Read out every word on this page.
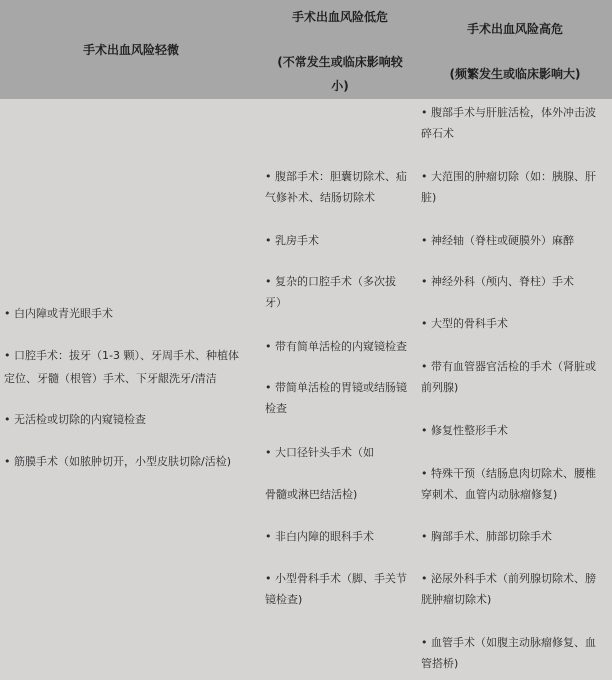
手术出血风险轻微
手术出血风险低危
(不常发生或临床影响较
小)
手术出血风险高危
(频繁发生或临床影响大)
• 白内障或青光眼手术
• 口腔手术：拔牙（1-3 颗）、牙周手术、种植体
定位、牙髓（根管）手术、下牙龈洗牙/清洁
• 无活检或切除的内窥镜检查
• 筋膜手术（如脓肿切开，小型皮肤切除/活检)
• 腹部手术：胆囊切除术、疝
气修补术、结肠切除术
• 乳房手术
• 复杂的口腔手术（多次拔
牙）
• 带有简单活检的内窥镜检查
• 带简单活检的胃镜或结肠镜
检查
• 大口径针头手术（如
骨髓或淋巴结活检)
• 非白内障的眼科手术
• 小型骨科手术（脚、手关节
镜检查)
• 腹部手术与肝脏活检，体外冲击波
碎石术
• 大范围的肿瘤切除（如：胰腺、肝
脏)
• 神经轴（脊柱或硬膜外）麻醉
• 神经外科（颅内、脊柱）手术
• 大型的骨科手术
• 带有血管器官活检的手术（肾脏或
前列腺)
• 修复性整形手术
• 特殊干预（结肠息肉切除术、腰椎
穿刺术、血管内动脉瘤修复)
• 胸部手术、肺部切除手术
• 泌尿外科手术（前列腺切除术、膀
胱肿瘤切除术)
• 血管手术（如腹主动脉瘤修复、血
管搭桥)
